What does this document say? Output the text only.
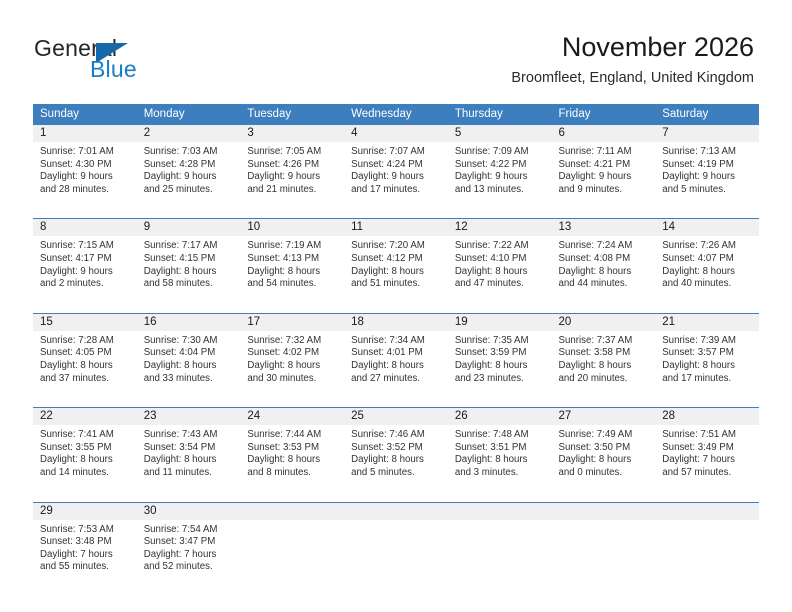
General
Blue
November 2026
Broomfleet, England, United Kingdom
Sunday	Monday	Tuesday	Wednesday	Thursday	Friday	Saturday
1	2	3	4	5	6	7
Sunrise: 7:01 AM
Sunset: 4:30 PM
Daylight: 9 hours
and 28 minutes.
Sunrise: 7:03 AM
Sunset: 4:28 PM
Daylight: 9 hours
and 25 minutes.
Sunrise: 7:05 AM
Sunset: 4:26 PM
Daylight: 9 hours
and 21 minutes.
Sunrise: 7:07 AM
Sunset: 4:24 PM
Daylight: 9 hours
and 17 minutes.
Sunrise: 7:09 AM
Sunset: 4:22 PM
Daylight: 9 hours
and 13 minutes.
Sunrise: 7:11 AM
Sunset: 4:21 PM
Daylight: 9 hours
and 9 minutes.
Sunrise: 7:13 AM
Sunset: 4:19 PM
Daylight: 9 hours
and 5 minutes.
8	9	10	11	12	13	14
Sunrise: 7:15 AM
Sunset: 4:17 PM
Daylight: 9 hours
and 2 minutes.
Sunrise: 7:17 AM
Sunset: 4:15 PM
Daylight: 8 hours
and 58 minutes.
Sunrise: 7:19 AM
Sunset: 4:13 PM
Daylight: 8 hours
and 54 minutes.
Sunrise: 7:20 AM
Sunset: 4:12 PM
Daylight: 8 hours
and 51 minutes.
Sunrise: 7:22 AM
Sunset: 4:10 PM
Daylight: 8 hours
and 47 minutes.
Sunrise: 7:24 AM
Sunset: 4:08 PM
Daylight: 8 hours
and 44 minutes.
Sunrise: 7:26 AM
Sunset: 4:07 PM
Daylight: 8 hours
and 40 minutes.
15	16	17	18	19	20	21
Sunrise: 7:28 AM
Sunset: 4:05 PM
Daylight: 8 hours
and 37 minutes.
Sunrise: 7:30 AM
Sunset: 4:04 PM
Daylight: 8 hours
and 33 minutes.
Sunrise: 7:32 AM
Sunset: 4:02 PM
Daylight: 8 hours
and 30 minutes.
Sunrise: 7:34 AM
Sunset: 4:01 PM
Daylight: 8 hours
and 27 minutes.
Sunrise: 7:35 AM
Sunset: 3:59 PM
Daylight: 8 hours
and 23 minutes.
Sunrise: 7:37 AM
Sunset: 3:58 PM
Daylight: 8 hours
and 20 minutes.
Sunrise: 7:39 AM
Sunset: 3:57 PM
Daylight: 8 hours
and 17 minutes.
22	23	24	25	26	27	28
Sunrise: 7:41 AM
Sunset: 3:55 PM
Daylight: 8 hours
and 14 minutes.
Sunrise: 7:43 AM
Sunset: 3:54 PM
Daylight: 8 hours
and 11 minutes.
Sunrise: 7:44 AM
Sunset: 3:53 PM
Daylight: 8 hours
and 8 minutes.
Sunrise: 7:46 AM
Sunset: 3:52 PM
Daylight: 8 hours
and 5 minutes.
Sunrise: 7:48 AM
Sunset: 3:51 PM
Daylight: 8 hours
and 3 minutes.
Sunrise: 7:49 AM
Sunset: 3:50 PM
Daylight: 8 hours
and 0 minutes.
Sunrise: 7:51 AM
Sunset: 3:49 PM
Daylight: 7 hours
and 57 minutes.
29	30
Sunrise: 7:53 AM
Sunset: 3:48 PM
Daylight: 7 hours
and 55 minutes.
Sunrise: 7:54 AM
Sunset: 3:47 PM
Daylight: 7 hours
and 52 minutes.
